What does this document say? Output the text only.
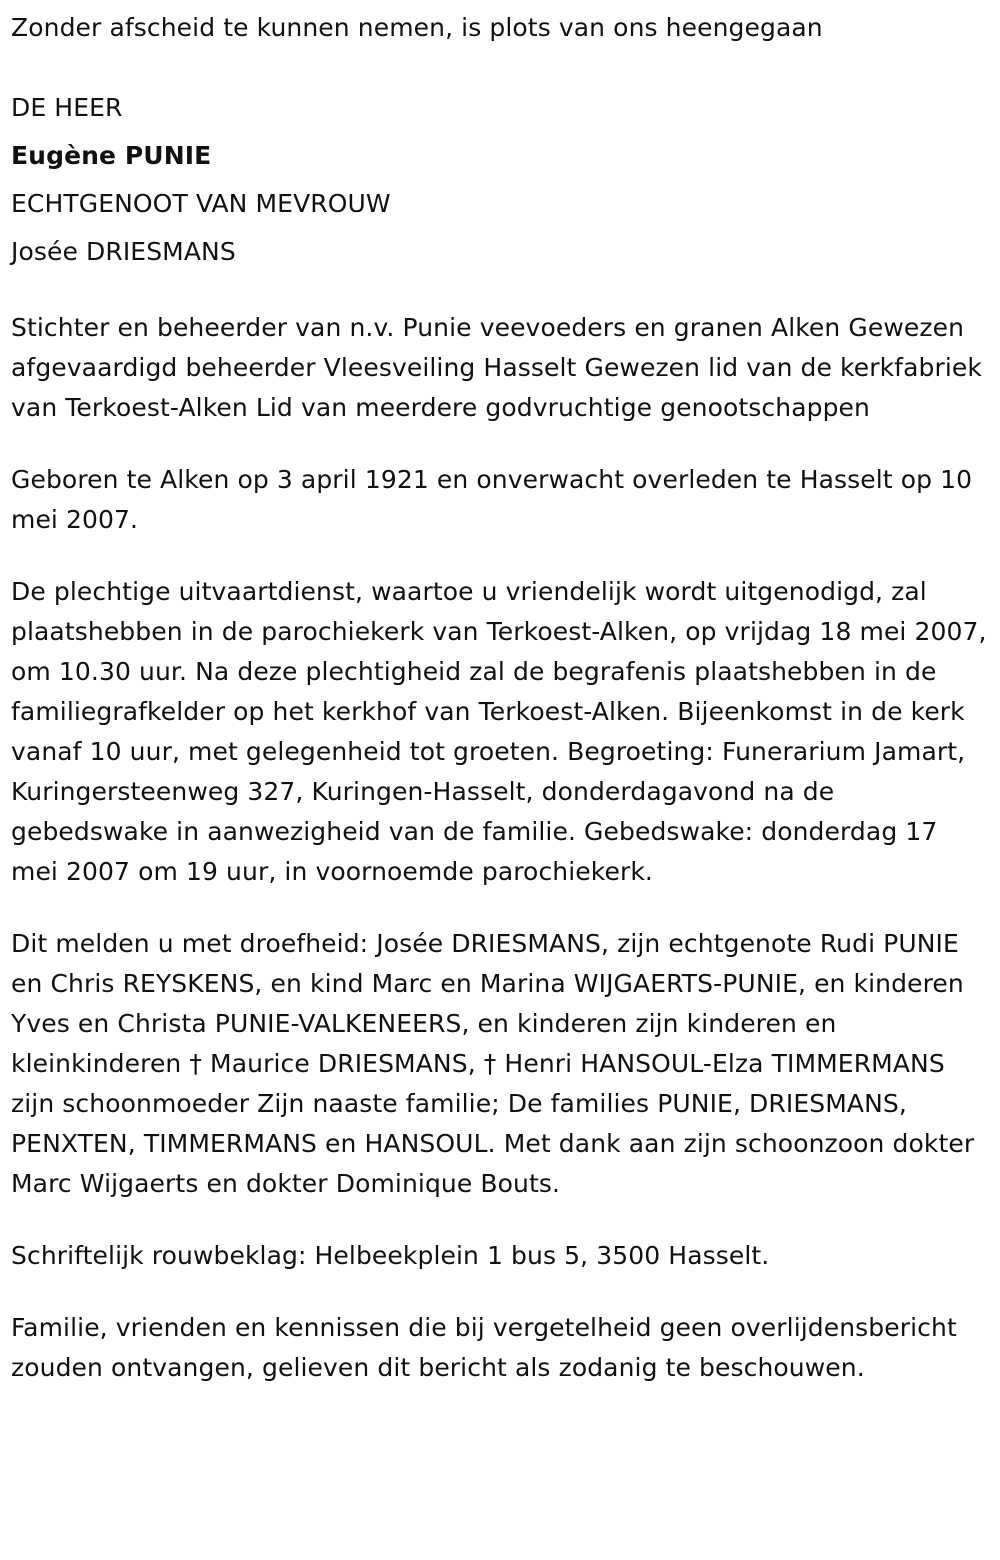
Zonder afscheid te kunnen nemen, is plots van ons heengegaan

DE HEER

Eugène PUNIE

ECHTGENOOT VAN MEVROUW

Josée DRIESMANS

Stichter en beheerder van n.v. Punie veevoeders en granen Alken Gewezen afgevaardigd beheerder Vleesveiling Hasselt Gewezen lid van de kerkfabriek van Terkoest-Alken Lid van meerdere godvruchtige genootschappen

Geboren te Alken op 3 april 1921 en onverwacht overleden te Hasselt op 10 mei 2007.

De plechtige uitvaartdienst, waartoe u vriendelijk wordt uitgenodigd, zal plaatshebben in de parochiekerk van Terkoest-Alken, op vrijdag 18 mei 2007, om 10.30 uur. Na deze plechtigheid zal de begrafenis plaatshebben in de familiegrafkelder op het kerkhof van Terkoest-Alken. Bijeenkomst in de kerk vanaf 10 uur, met gelegenheid tot groeten. Begroeting: Funerarium Jamart, Kuringersteenweg 327, Kuringen-Hasselt, donderdagavond na de gebedswake in aanwezigheid van de familie. Gebedswake: donderdag 17 mei 2007 om 19 uur, in voornoemde parochiekerk.

Dit melden u met droefheid: Josée DRIESMANS, zijn echtgenote Rudi PUNIE en Chris REYSKENS, en kind Marc en Marina WIJGAERTS-PUNIE, en kinderen Yves en Christa PUNIE-VALKENEERS, en kinderen zijn kinderen en kleinkinderen † Maurice DRIESMANS, † Henri HANSOUL-Elza TIMMERMANS zijn schoonmoeder Zijn naaste familie; De families PUNIE, DRIESMANS, PENXTEN, TIMMERMANS en HANSOUL. Met dank aan zijn schoonzoon dokter Marc Wijgaerts en dokter Dominique Bouts.

Schriftelijk rouwbeklag: Helbeekplein 1 bus 5, 3500 Hasselt.

Familie, vrienden en kennissen die bij vergetelheid geen overlijdensbericht zouden ontvangen, gelieven dit bericht als zodanig te beschouwen.
